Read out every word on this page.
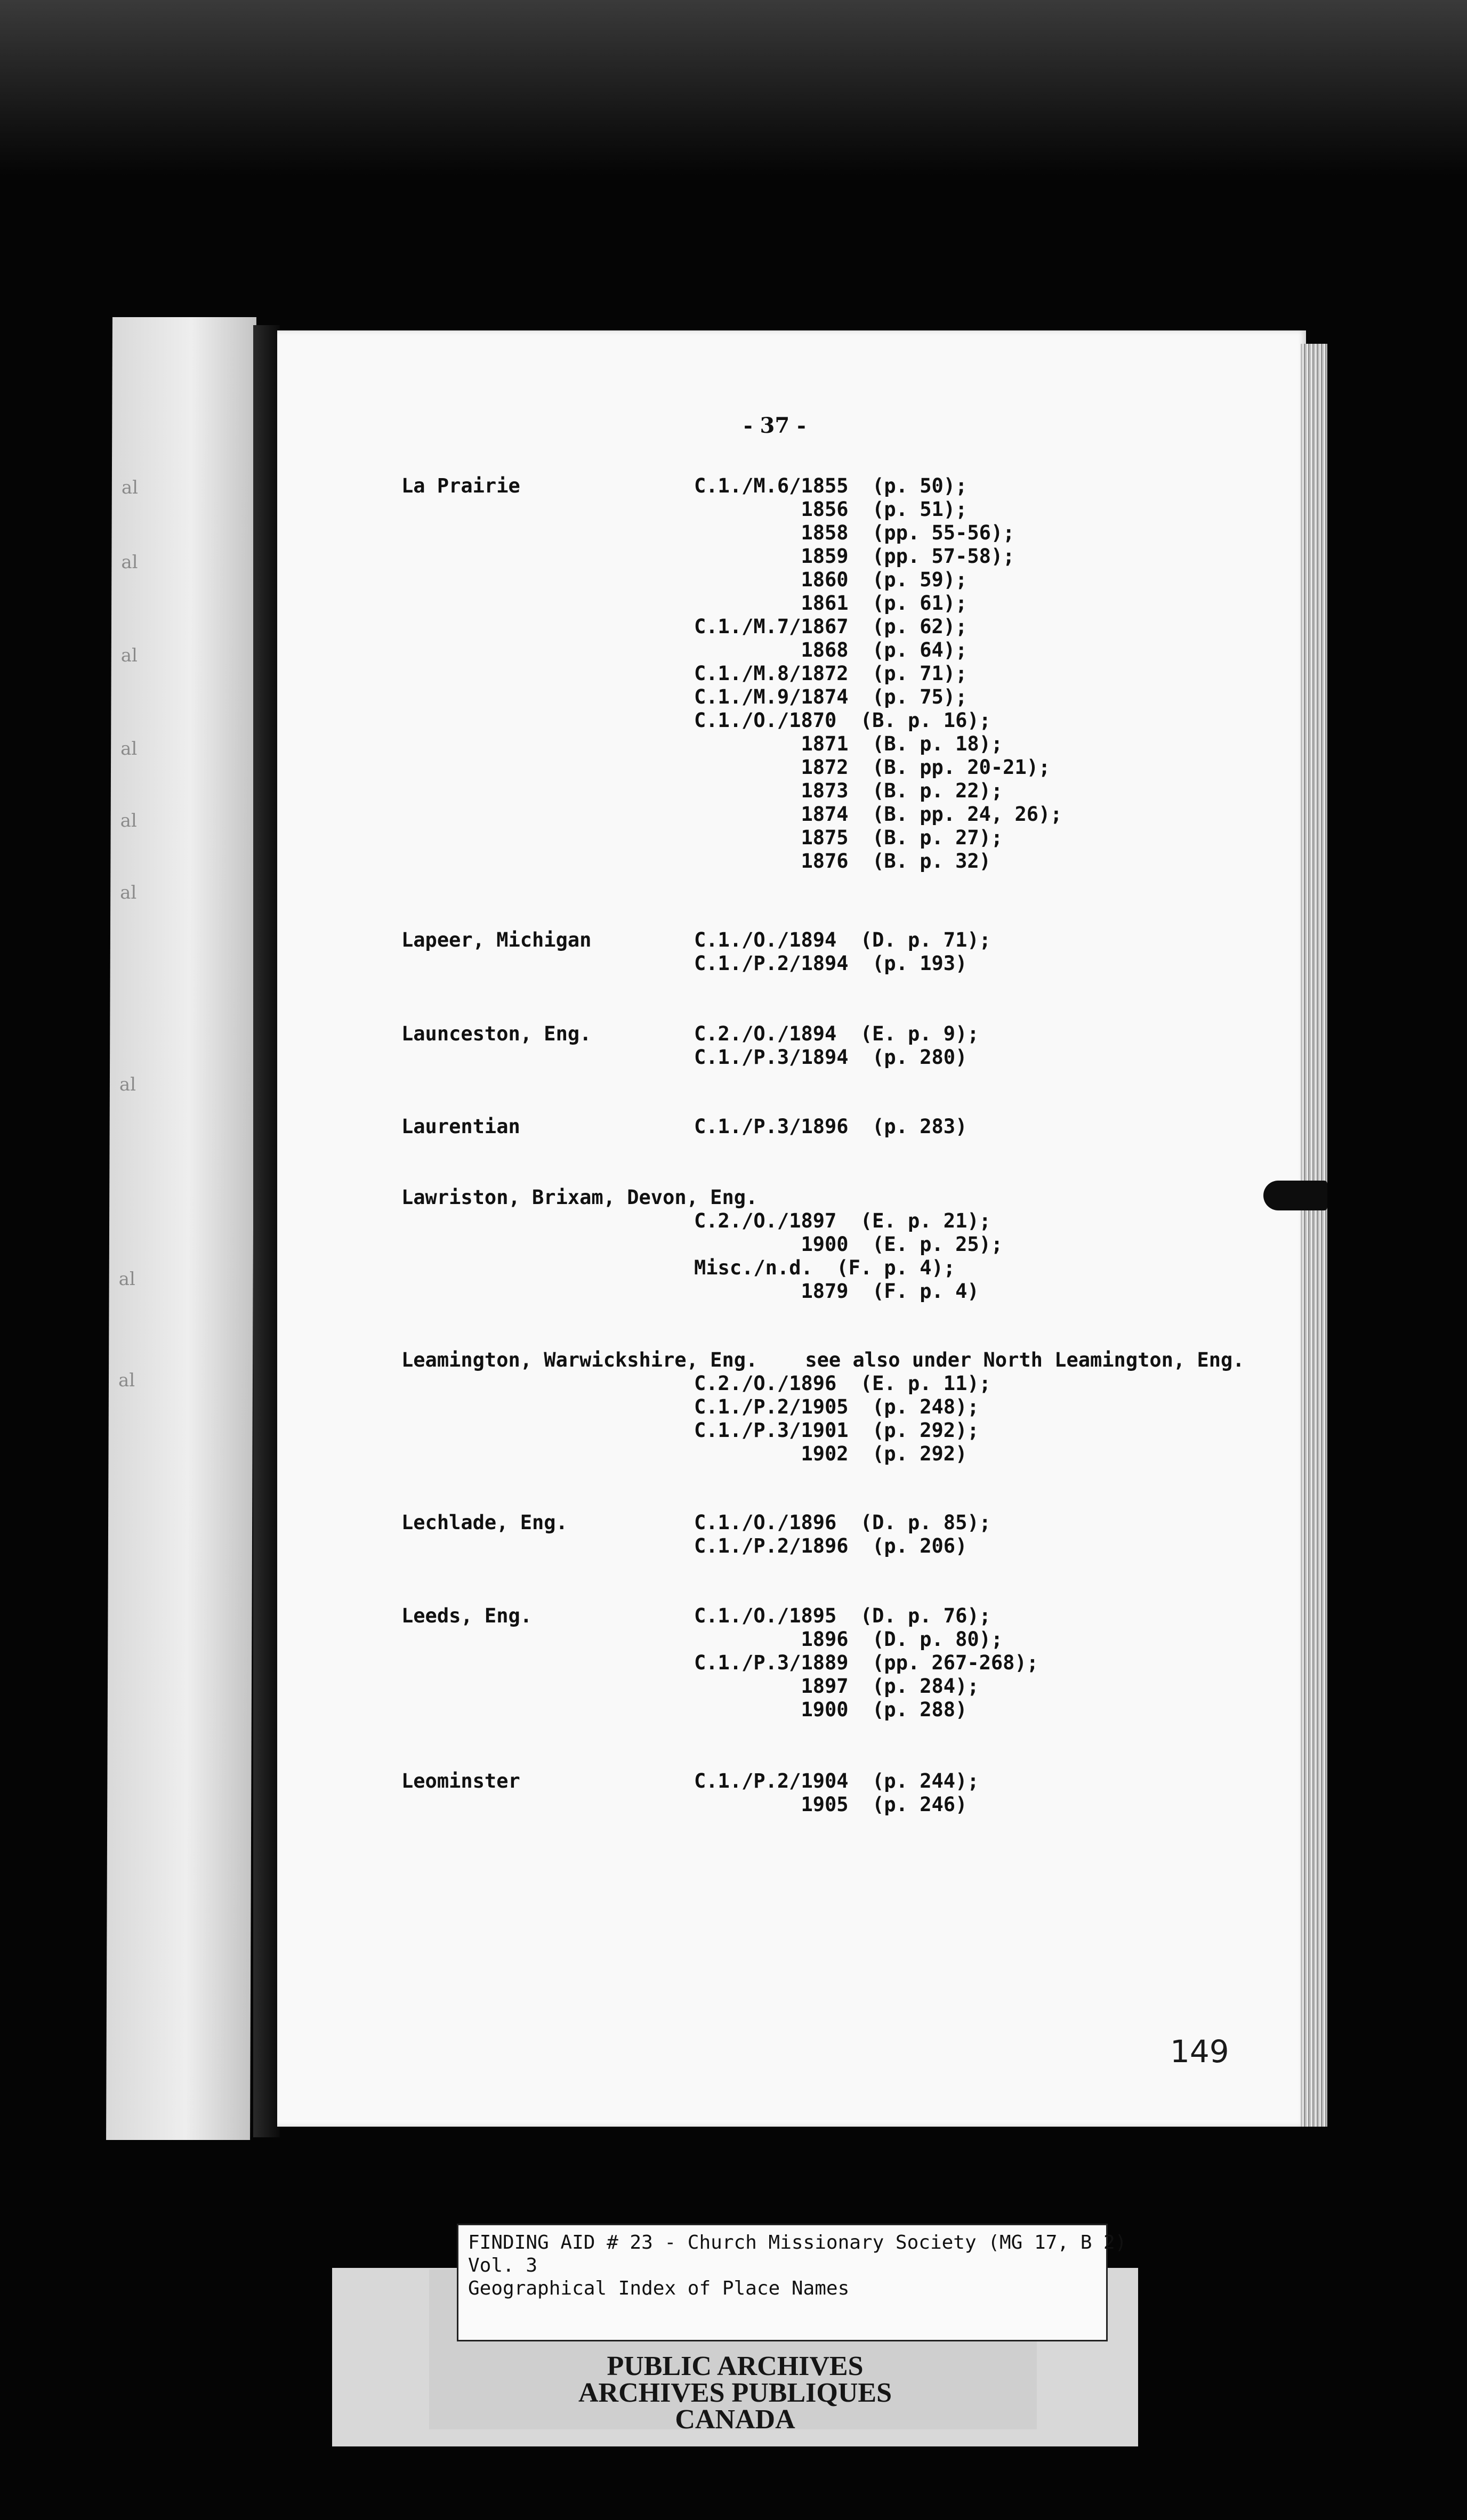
al
al
al
al
al
al
al
al
al
- 37 -
La Prairie	C.1./M.6/1855  (p. 50);
1856  (p. 51);
1858  (pp. 55-56);
1859  (pp. 57-58);
1860  (p. 59);
1861  (p. 61);
C.1./M.7/1867  (p. 62);
1868  (p. 64);
C.1./M.8/1872  (p. 71);
C.1./M.9/1874  (p. 75);
C.1./O./1870  (B. p. 16);
1871  (B. p. 18);
1872  (B. pp. 20-21);
1873  (B. p. 22);
1874  (B. pp. 24, 26);
1875  (B. p. 27);
1876  (B. p. 32)
Lapeer, Michigan	C.1./O./1894  (D. p. 71);
C.1./P.2/1894  (p. 193)
Launceston, Eng.	C.2./O./1894  (E. p. 9);
C.1./P.3/1894  (p. 280)
Laurentian	C.1./P.3/1896  (p. 283)
Lawriston, Brixam, Devon, Eng.
C.2./O./1897  (E. p. 21);
1900  (E. p. 25);
Misc./n.d.  (F. p. 4);
1879  (F. p. 4)
Leamington, Warwickshire, Eng.    see also under North Leamington, Eng.
C.2./O./1896  (E. p. 11);
C.1./P.2/1905  (p. 248);
C.1./P.3/1901  (p. 292);
1902  (p. 292)
Lechlade, Eng.	C.1./O./1896  (D. p. 85);
C.1./P.2/1896  (p. 206)
Leeds, Eng.	C.1./O./1895  (D. p. 76);
1896  (D. p. 80);
C.1./P.3/1889  (pp. 267-268);
1897  (p. 284);
1900  (p. 288)
Leominster	C.1./P.2/1904  (p. 244);
1905  (p. 246)
149
FINDING AID # 23 - Church Missionary Society (MG 17, B 2)
Vol. 3
Geographical Index of Place Names
PUBLIC ARCHIVES
ARCHIVES PUBLIQUES
CANADA
